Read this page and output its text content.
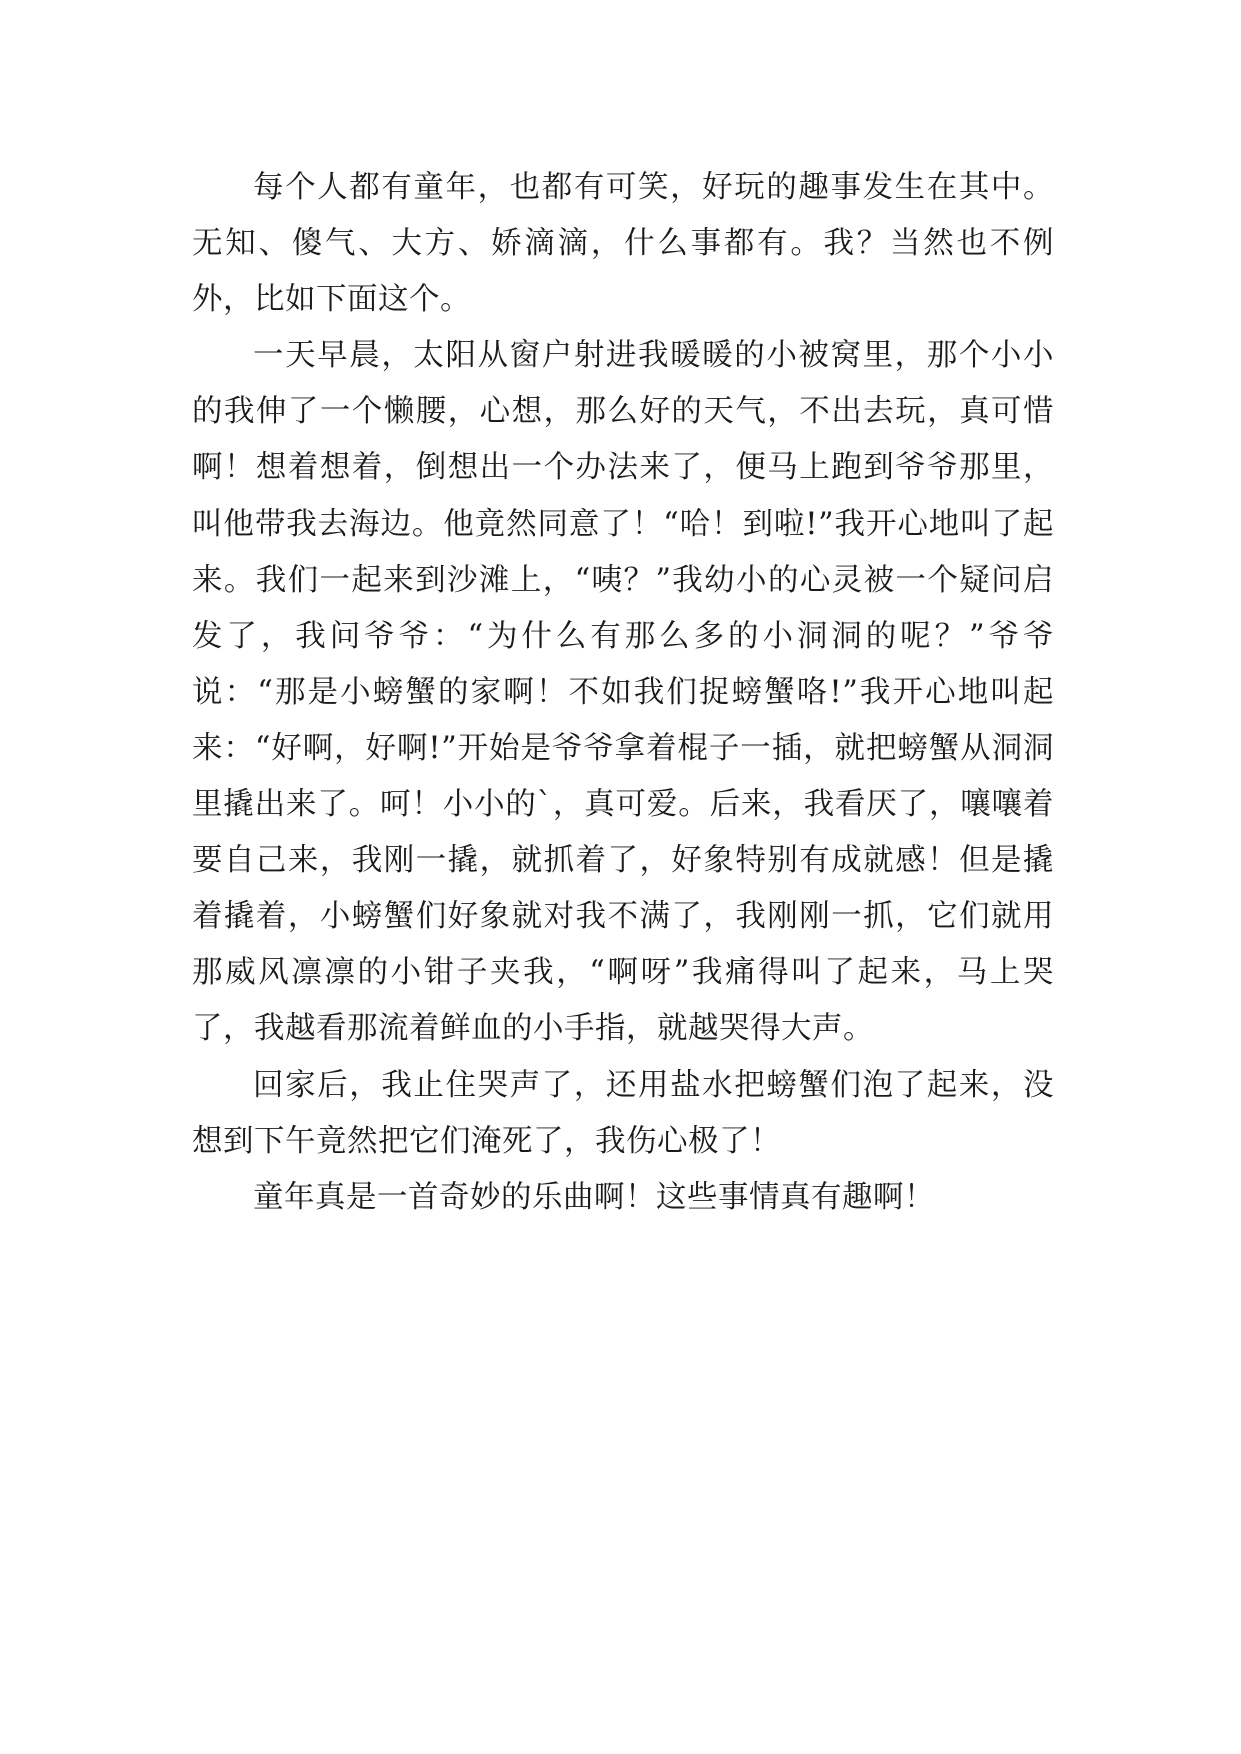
每个人都有童年，也都有可笑，好玩的趣事发生在其中。无知、傻气、大方、娇滴滴，什么事都有。我？当然也不例外，比如下面这个。

一天早晨，太阳从窗户射进我暖暖的小被窝里，那个小小的我伸了一个懒腰，心想，那么好的天气，不出去玩，真可惜啊！想着想着，倒想出一个办法来了，便马上跑到爷爷那里，叫他带我去海边。他竟然同意了！“哈！到啦!”我开心地叫了起来。我们一起来到沙滩上，“咦？”我幼小的心灵被一个疑问启发了，我问爷爷：“为什么有那么多的小洞洞的呢？”爷爷说：“那是小螃蟹的家啊！不如我们捉螃蟹咯!”我开心地叫起来：“好啊，好啊!”开始是爷爷拿着棍子一插，就把螃蟹从洞洞里撬出来了。呵！小小的`，真可爱。后来，我看厌了，嚷嚷着要自己来，我刚一撬，就抓着了，好象特别有成就感！但是撬着撬着，小螃蟹们好象就对我不满了，我刚刚一抓，它们就用那威风凛凛的小钳子夹我，“啊呀”我痛得叫了起来，马上哭了，我越看那流着鲜血的小手指，就越哭得大声。

回家后，我止住哭声了，还用盐水把螃蟹们泡了起来，没想到下午竟然把它们淹死了，我伤心极了！

童年真是一首奇妙的乐曲啊！这些事情真有趣啊！
